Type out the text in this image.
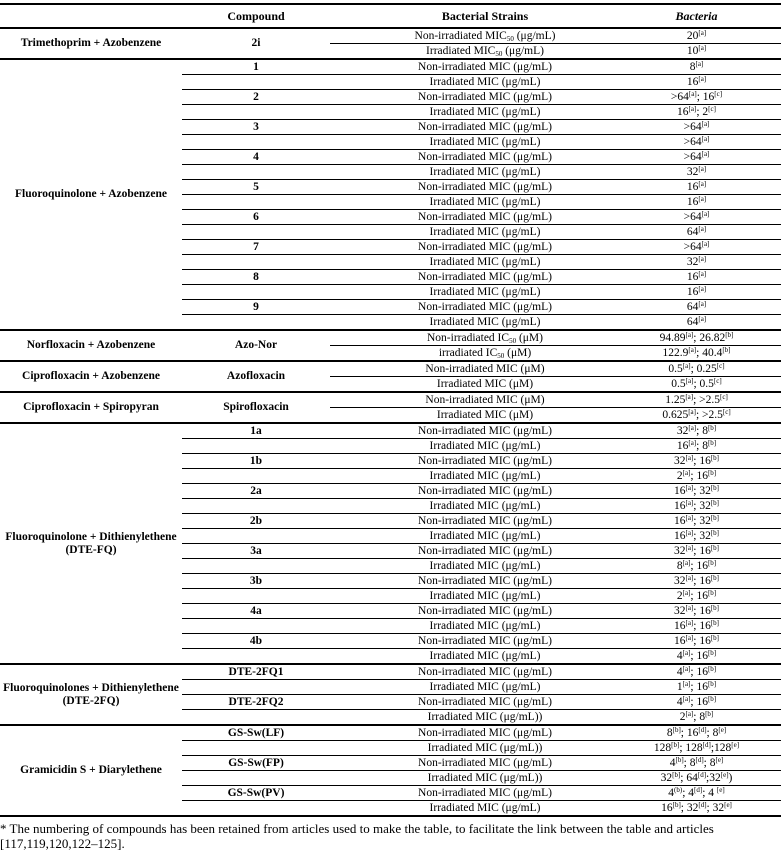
	Compound	Bacterial Strains	Bacteria
Trimethoprim + Azobenzene	2i	Non-irradiated $MIC_{50}$ (μg/mL)	20[a]
		Irradiated $MIC_{50}$ (μg/mL)	10[a]
Fluoroquinolone + Azobenzene	1	Non-irradiated MIC (μg/mL)	8[a]
		Irradiated MIC (μg/mL)	16[a]
	2	Non-irradiated MIC (μg/mL)	>64[a]; 16[c]
		Irradiated MIC (μg/mL)	16[a]; 2[c]
	3	Non-irradiated MIC (μg/mL)	>64[a]
		Irradiated MIC (μg/mL)	>64[a]
	4	Non-irradiated MIC (μg/mL)	>64[a]
		Irradiated MIC (μg/mL)	32[a]
	5	Non-irradiated MIC (μg/mL)	16[a]
		Irradiated MIC (μg/mL)	16[a]
	6	Non-irradiated MIC (μg/mL)	>64[a]
		Irradiated MIC (μg/mL)	64[a]
	7	Non-irradiated MIC (μg/mL)	>64[a]
		Irradiated MIC (μg/mL)	32[a]
	8	Non-irradiated MIC (μg/mL)	16[a]
		Irradiated MIC (μg/mL)	16[a]
	9	Non-irradiated MIC (μg/mL)	64[a]
		Irradiated MIC (μg/mL)	64[a]
Norfloxacin + Azobenzene	Azo-Nor	Non-irradiated $IC_{50}$ (μM)	94.89[a]; 26.82[b]
		irradiated $IC_{50}$ (μM)	122.9[a]; 40.4[b]
Ciprofloxacin + Azobenzene	Azofloxacin	Non-irradiated MIC (μM)	0.5[a]; 0.25[c]
		Irradiated MIC (μM)	0.5[a]; 0.5[c]
Ciprofloxacin + Spiropyran	Spirofloxacin	Non-irradiated MIC (μM)	1.25[a]; >2.5[c]
		Irradiated MIC (μM)	0.625[a]; >2.5[c]
Fluoroquinolone + Dithienylethene (DTE-FQ)	1a	Non-irradiated MIC (μg/mL)	32[a]; 8[b]
		Irradiated MIC (μg/mL)	16[a]; 8[b]
	1b	Non-irradiated MIC (μg/mL)	32[a]; 16[b]
		Irradiated MIC (μg/mL)	2[a]; 16[b]
	2a	Non-irradiated MIC (μg/mL)	16[a]; 32[b]
		Irradiated MIC (μg/mL)	16[a]; 32[b]
	2b	Non-irradiated MIC (μg/mL)	16[a]; 32[b]
		Irradiated MIC (μg/mL)	16[a]; 32[b]
	3a	Non-irradiated MIC (μg/mL)	32[a]; 16[b]
		Irradiated MIC (μg/mL)	8[a]; 16[b]
	3b	Non-irradiated MIC (μg/mL)	32[a]; 16[b]
		Irradiated MIC (μg/mL)	2[a]; 16[b]
	4a	Non-irradiated MIC (μg/mL)	32[a]; 16[b]
		Irradiated MIC (μg/mL)	16[a]; 16[b]
	4b	Non-irradiated MIC (μg/mL)	16[a]; 16[b]
		Irradiated MIC (μg/mL)	4[a]; 16[b]
Fluoroquinolones + Dithienylethene (DTE-2FQ)	DTE-2FQ1	Non-irradiated MIC (μg/mL)	4[a]; 16[b]
		Irradiated MIC (μg/mL)	1[a]; 16[b]
	DTE-2FQ2	Non-irradiated MIC (μg/mL)	4[a]; 16[b]
		Irradiated MIC (μg/mL))	2[a]; 8[b]
Gramicidin S + Diarylethene	GS-Sw(LF)	Non-irradiated MIC (μg/mL)	8[b]; 16[d]; 8[e]
		Irradiated MIC (μg/mL))	128[b]; 128[d];128[e]
	GS-Sw(FP)	Non-irradiated MIC (μg/mL)	4[b]; 8[d]; 8[e]
		Irradiated MIC (μg/mL))	32[b]; 64[d];32[e])
	GS-Sw(PV)	Non-irradiated MIC (μg/mL)	4$^{(b)}$; 4[d]; 4 [e]
		Irradiated MIC (μg/mL)	16[b]; 32[d]; 32[e]
* The numbering of compounds has been retained from articles used to make the table, to facilitate the link between the table and articles [117,119,120,122–125].
